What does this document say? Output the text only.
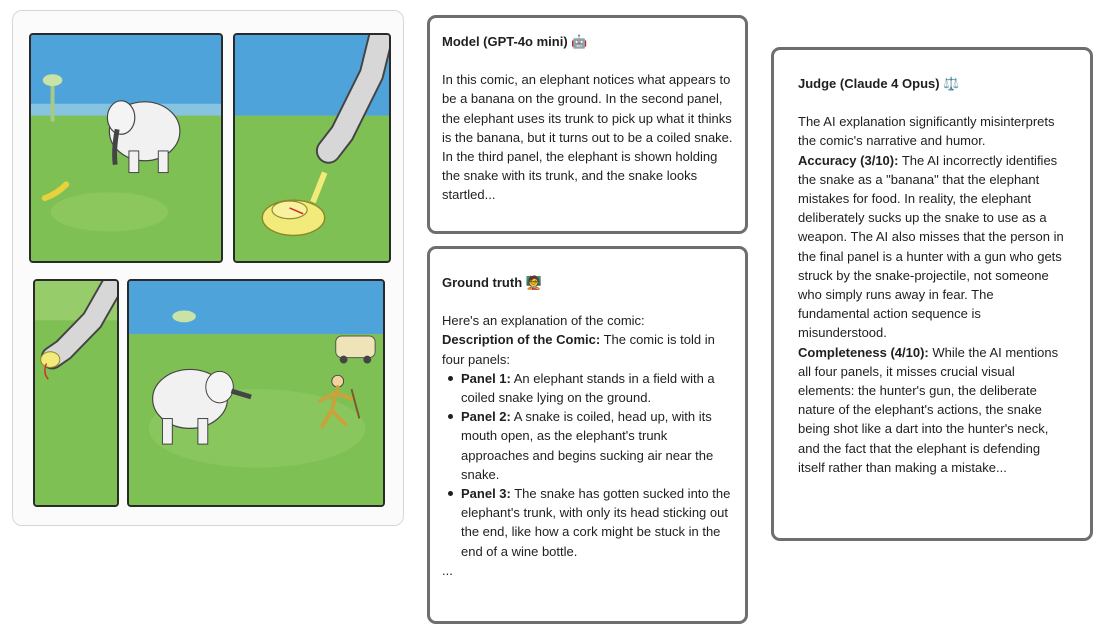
Model (GPT-4o mini) 🤖
In this comic, an elephant notices what appears to be a banana on the ground. In the second panel, the elephant uses its trunk to pick up what it thinks is the banana, but it turns out to be a coiled snake. In the third panel, the elephant is shown holding the snake with its trunk, and the snake looks startled...
Ground truth 🧑‍🏫
Here's an explanation of the comic:
Description of the Comic: The comic is told in four panels:
Panel 1: An elephant stands in a field with a coiled snake lying on the ground.
Panel 2: A snake is coiled, head up, with its mouth open, as the elephant's trunk approaches and begins sucking air near the snake.
Panel 3: The snake has gotten sucked into the elephant's trunk, with only its head sticking out the end, like how a cork might be stuck in the end of a wine bottle.
...
Judge (Claude 4 Opus) ⚖️
The AI explanation significantly misinterprets the comic's narrative and humor.
Accuracy (3/10): The AI incorrectly identifies the snake as a "banana" that the elephant mistakes for food. In reality, the elephant deliberately sucks up the snake to use as a weapon. The AI also misses that the person in the final panel is a hunter with a gun who gets struck by the snake-projectile, not someone who simply runs away in fear. The fundamental action sequence is misunderstood.
Completeness (4/10): While the AI mentions all four panels, it misses crucial visual elements: the hunter's gun, the deliberate nature of the elephant's actions, the snake being shot like a dart into the hunter's neck, and the fact that the elephant is defending itself rather than making a mistake...
